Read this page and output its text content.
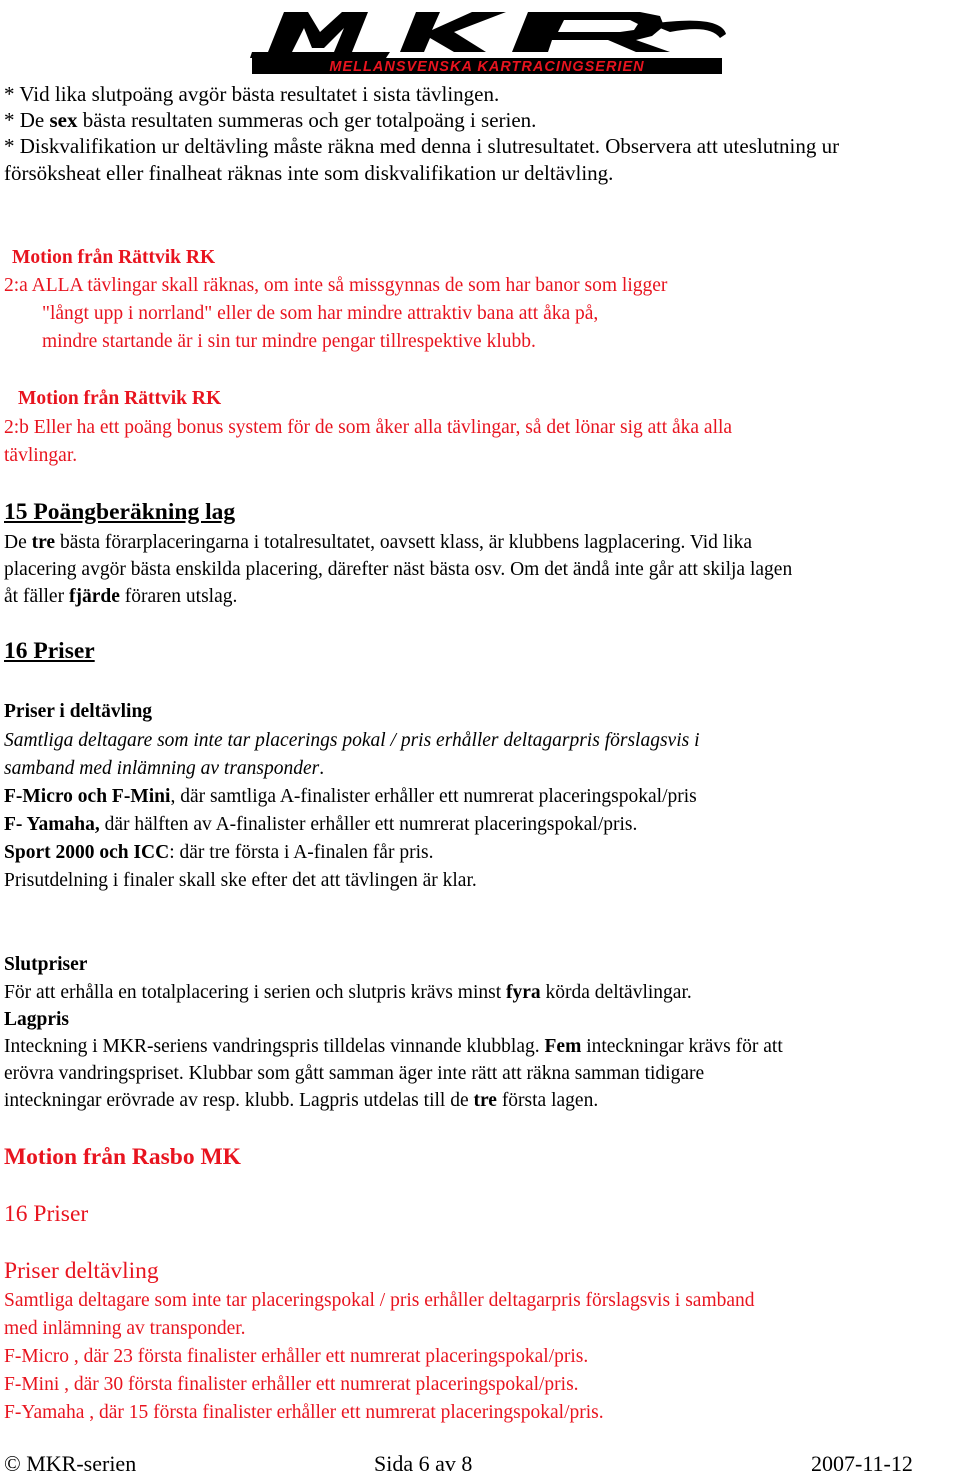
MELLANSVENSKA KARTRACINGSERIEN
* Vid lika slutpoäng avgör bästa resultatet i sista tävlingen.
* De sex bästa resultaten summeras och ger totalpoäng i serien.
* Diskvalifikation ur deltävling måste räkna med denna i slutresultatet. Observera att uteslutning ur
försöksheat eller finalheat räknas inte som diskvalifikation ur deltävling.
Motion från Rättvik RK
2:a ALLA tävlingar skall räknas, om inte så missgynnas de som har banor som ligger
"långt upp i norrland" eller de som har mindre attraktiv bana att åka på,
mindre startande är i sin tur mindre pengar tillrespektive klubb.
Motion från Rättvik RK
2:b Eller ha ett poäng bonus system för de som åker alla tävlingar, så det lönar sig att åka alla
tävlingar.
15 Poängberäkning lag
De tre bästa förarplaceringarna i totalresultatet, oavsett klass, är klubbens lagplacering. Vid lika
placering avgör bästa enskilda placering, därefter näst bästa osv. Om det ändå inte går att skilja lagen
åt fäller fjärde föraren utslag.
16 Priser
Priser i deltävling
Samtliga deltagare som inte tar placerings pokal / pris erhåller deltagarpris förslagsvis i
samband med inlämning av transponder.
F-Micro och F-Mini, där samtliga A-finalister erhåller ett numrerat placeringspokal/pris
F- Yamaha, där hälften av A-finalister erhåller ett numrerat placeringspokal/pris.
Sport 2000 och ICC: där tre första i A-finalen får pris.
Prisutdelning i finaler skall ske efter det att tävlingen är klar.
Slutpriser
För att erhålla en totalplacering i serien och slutpris krävs minst fyra körda deltävlingar.
Lagpris
Inteckning i MKR-seriens vandringspris tilldelas vinnande klubblag. Fem inteckningar krävs för att
erövra vandringspriset. Klubbar som gått samman äger inte rätt att räkna samman tidigare
inteckningar erövrade av resp. klubb. Lagpris utdelas till de tre första lagen.
Motion från Rasbo MK
16 Priser
Priser deltävling
Samtliga deltagare som inte tar placeringspokal / pris erhåller deltagarpris förslagsvis i samband
med inlämning av transponder.
F-Micro , där 23 första finalister erhåller ett numrerat placeringspokal/pris.
F-Mini , där 30 första finalister erhåller ett numrerat placeringspokal/pris.
F-Yamaha , där 15 första finalister erhåller ett numrerat placeringspokal/pris.
© MKR-serien	Sida 6 av 8	2007-11-12
